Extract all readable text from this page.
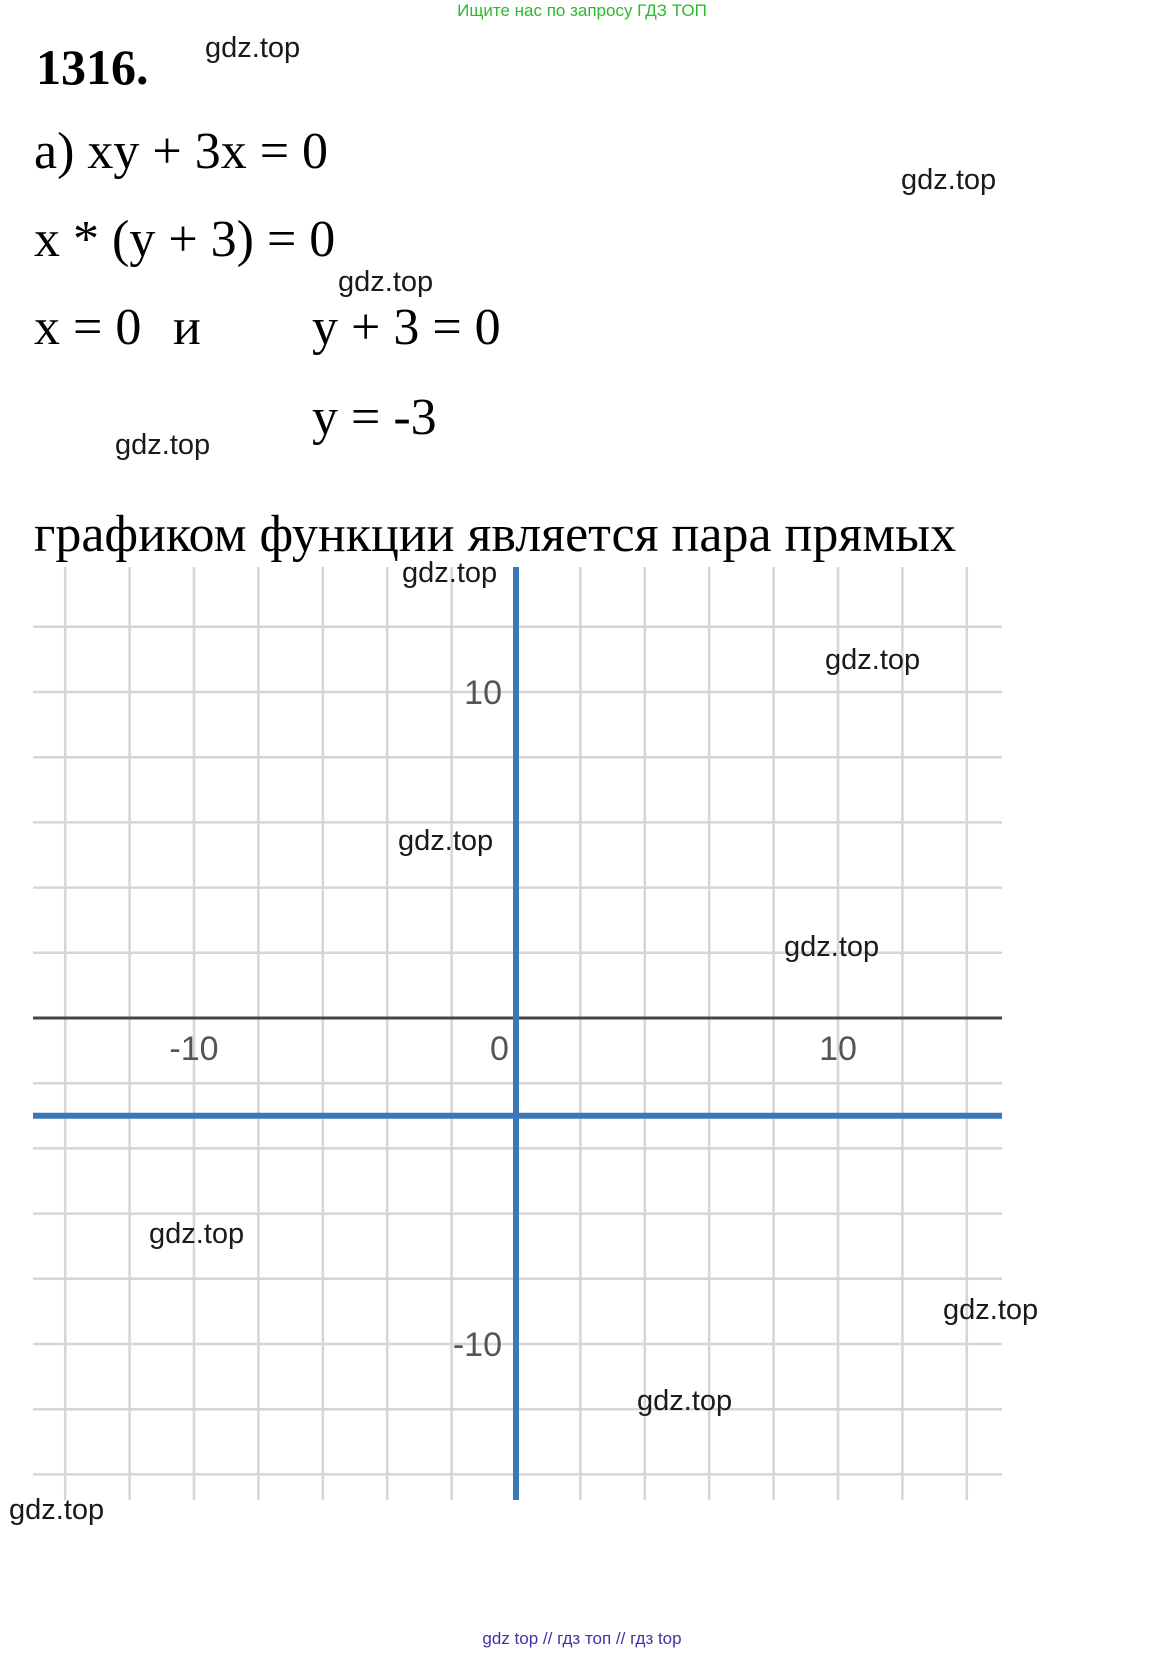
Ищите нас по запросу ГДЗ ТОП
1316.
а) xy + 3x = 0
x * (y + 3) = 0
x = 0 и y + 3 = 0
y = -3
графиком функции является пара прямых
-10	0	10
10
-10
gdz.top
gdz.top
gdz.top
gdz.top
gdz.top
gdz.top
gdz.top
gdz.top
gdz.top
gdz.top
gdz.top
gdz.top
gdz top // гдз топ // гдз top
